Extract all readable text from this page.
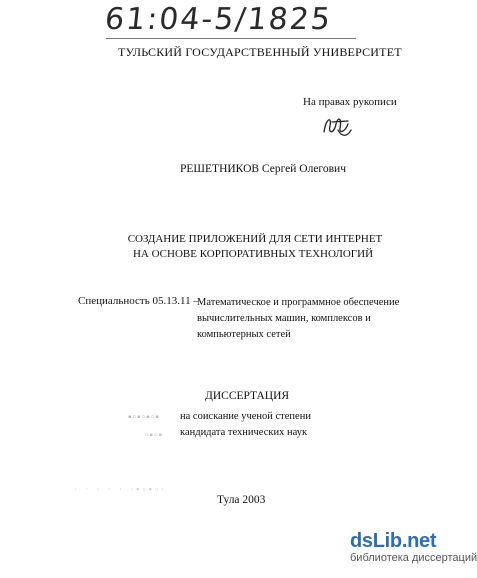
61:04-5/1825
ТУЛЬСКИЙ ГОСУДАРСТВЕННЫЙ УНИВЕРСИТЕТ
На правах рукописи
РЕШЕТНИКОВ Сергей Олегович
СОЗДАНИЕ ПРИЛОЖЕНИЙ ДЛЯ СЕТИ ИНТЕРНЕТ
НА ОСНОВЕ КОРПОРАТИВНЫХ ТЕХНОЛОГИЙ
Специальность 05.13.11 –
Математическое и программное обеспечение
вычислительных машин, комплексов и
компьютерных сетей
ДИССЕРТАЦИЯ
на соискание ученой степени
кандидата технических наук
▪▫▪▫▪▫▪
▫▪▫▪
· · · · · ·▪▫▪▫·
Тула 2003
dsLib.net
библиотека диссертаций
